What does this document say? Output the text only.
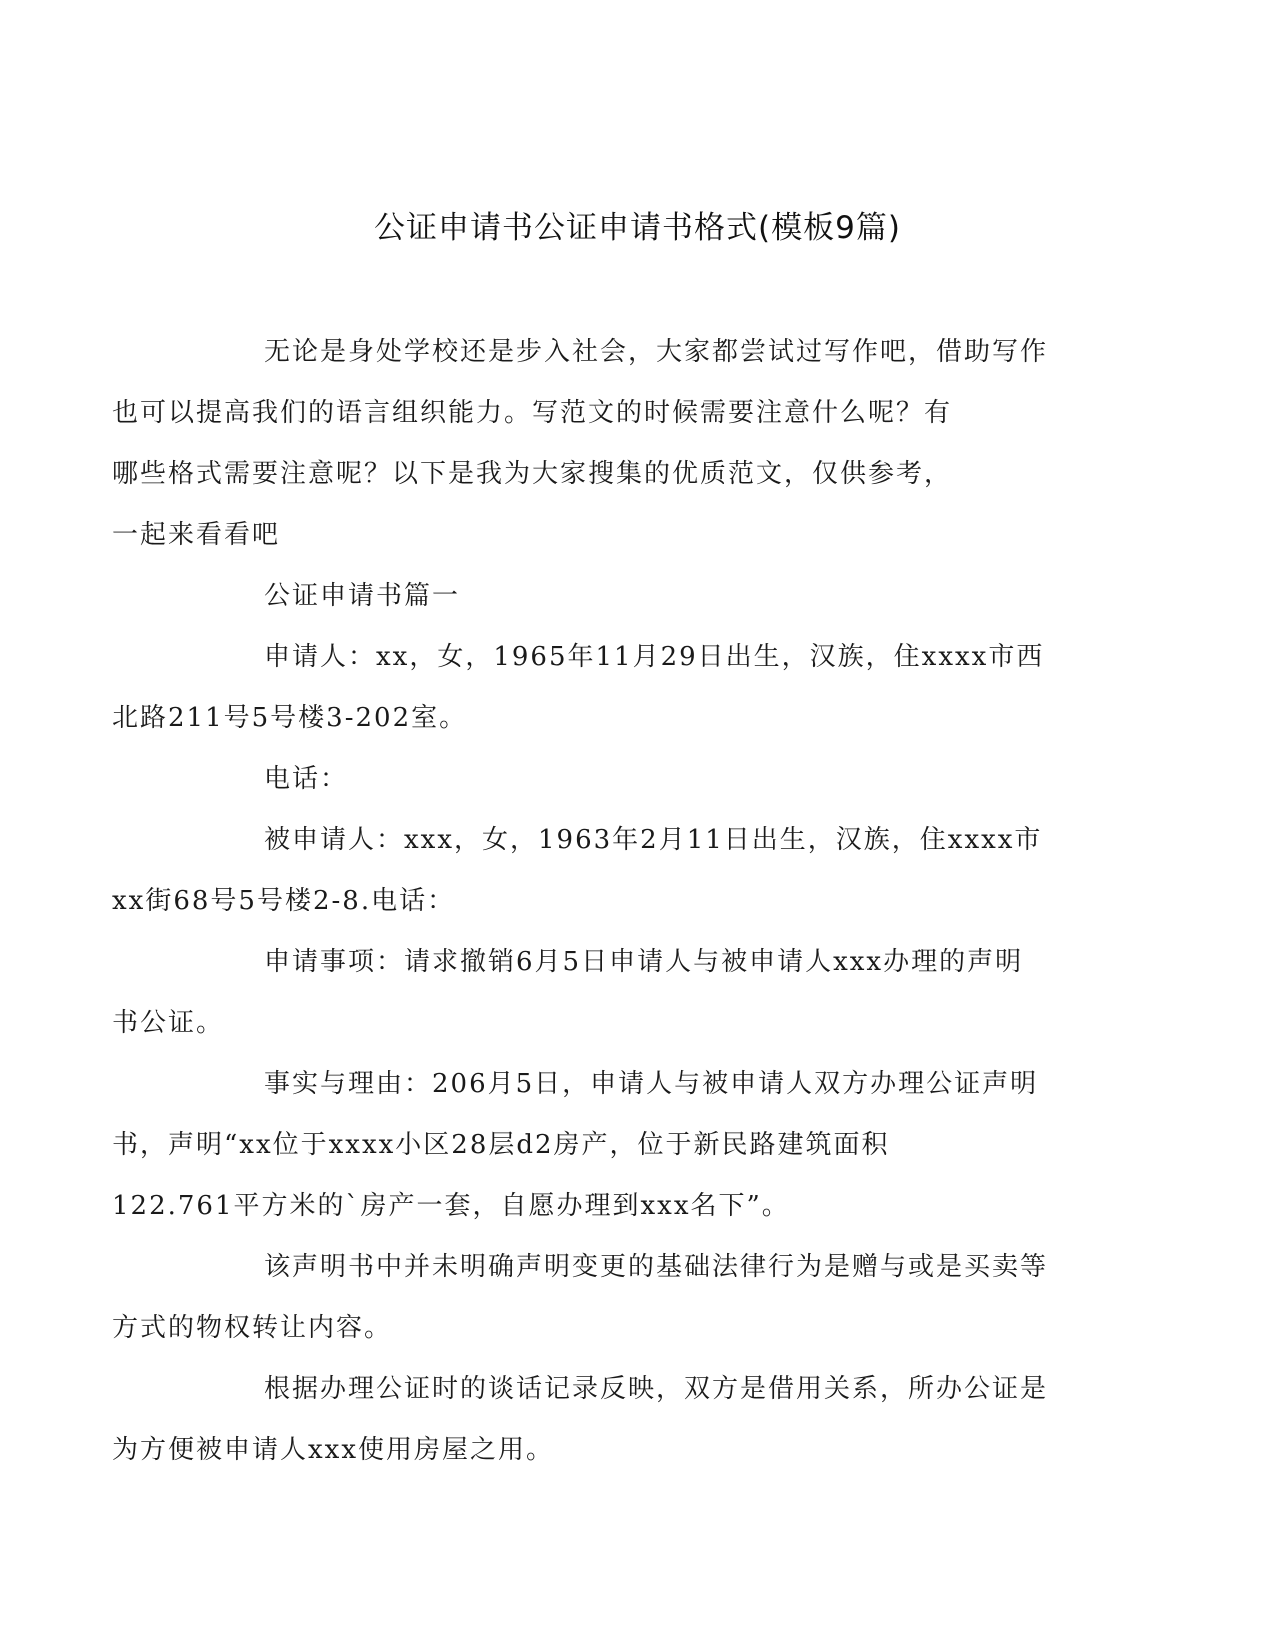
公证申请书公证申请书格式(模板9篇)

无论是身处学校还是步入社会，大家都尝试过写作吧，借助写作
也可以提高我们的语言组织能力。写范文的时候需要注意什么呢？有
哪些格式需要注意呢？以下是我为大家搜集的优质范文，仅供参考，
一起来看看吧

公证申请书篇一

申请人：xx，女，1965年11月29日出生，汉族，住xxxx市西
北路211号5号楼3-202室。

电话：

被申请人：xxx，女，1963年2月11日出生，汉族，住xxxx市
xx街68号5号楼2-8.电话：

申请事项：请求撤销6月5日申请人与被申请人xxx办理的声明
书公证。

事实与理由：206月5日，申请人与被申请人双方办理公证声明
书，声明“xx位于xxxx小区28层d2房产，位于新民路建筑面积
122.761平方米的`房产一套，自愿办理到xxx名下”。

该声明书中并未明确声明变更的基础法律行为是赠与或是买卖等
方式的物权转让内容。

根据办理公证时的谈话记录反映，双方是借用关系，所办公证是
为方便被申请人xxx使用房屋之用。
